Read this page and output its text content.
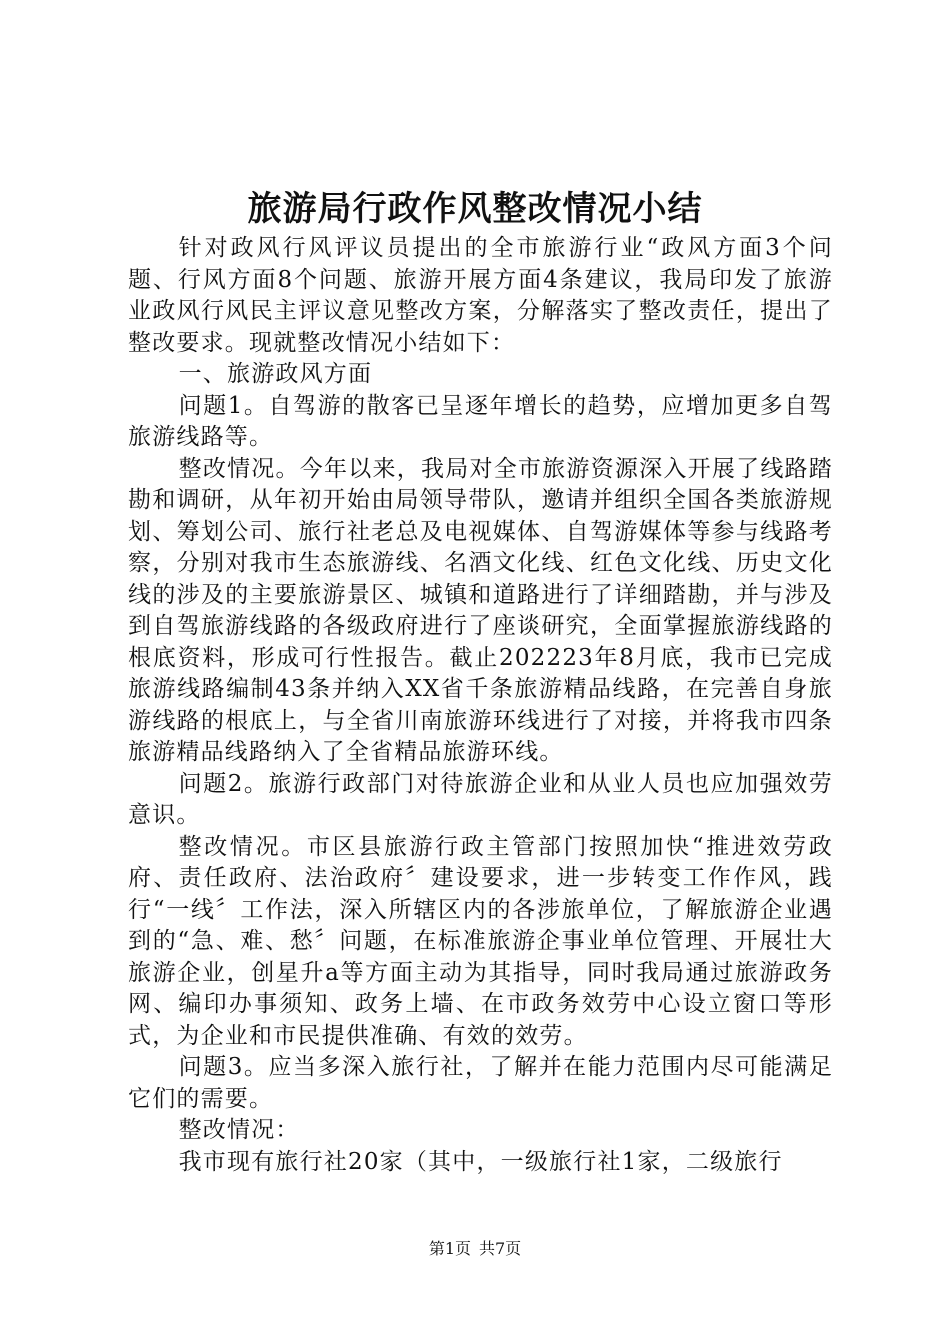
旅游局行政作风整改情况小结

针对政风行风评议员提出的全市旅游行业“政风方面3个问题、行风方面8个问题、旅游开展方面4条建议，我局印发了旅游业政风行风民主评议意见整改方案，分解落实了整改责任，提出了整改要求。现就整改情况小结如下：

一、旅游政风方面

问题1。自驾游的散客已呈逐年增长的趋势，应增加更多自驾旅游线路等。

整改情况。今年以来，我局对全市旅游资源深入开展了线路踏勘和调研，从年初开始由局领导带队，邀请并组织全国各类旅游规划、筹划公司、旅行社老总及电视媒体、自驾游媒体等参与线路考察，分别对我市生态旅游线、名酒文化线、红色文化线、历史文化线的涉及的主要旅游景区、城镇和道路进行了详细踏勘，并与涉及到自驾旅游线路的各级政府进行了座谈研究，全面掌握旅游线路的根底资料，形成可行性报告。截止202223年8月底，我市已完成旅游线路编制43条并纳入XX省千条旅游精品线路，在完善自身旅游线路的根底上，与全省川南旅游环线进行了对接，并将我市四条旅游精品线路纳入了全省精品旅游环线。

问题2。旅游行政部门对待旅游企业和从业人员也应加强效劳意识。

整改情况。市区县旅游行政主管部门按照加快“推进效劳政府、责任政府、法治政府〞建设要求，进一步转变工作作风，践行“一线〞工作法，深入所辖区内的各涉旅单位，了解旅游企业遇到的“急、难、愁〞问题，在标准旅游企事业单位管理、开展壮大旅游企业，创星升a等方面主动为其指导，同时我局通过旅游政务网、编印办事须知、政务上墙、在市政务效劳中心设立窗口等形式，为企业和市民提供准确、有效的效劳。

问题3。应当多深入旅行社，了解并在能力范围内尽可能满足它们的需要。

整改情况：

我市现有旅行社20家（其中，一级旅行社1家，二级旅行

第1页 共7页
